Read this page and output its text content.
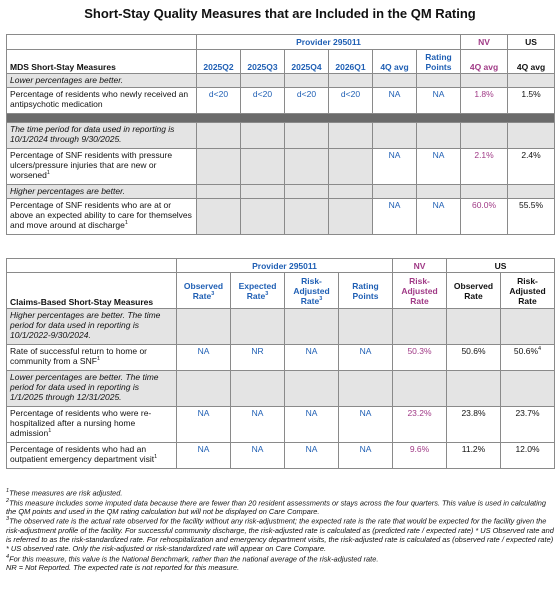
Short-Stay Quality Measures that are Included in the QM Rating
	Provider 295011						NV	US
MDS Short-Stay Measures	2025Q2	2025Q3	2025Q4	2026Q1	4Q avg	Rating Points	4Q avg	4Q avg
Lower percentages are better.								
Percentage of residents who newly received an antipsychotic medication	d<20	d<20	d<20	d<20	NA	NA	1.8%	1.5%

The time period for data used in reporting is 10/1/2024 through 9/30/2025.								
Percentage of SNF residents with pressure ulcers/pressure injuries that are new or worsened$^1$					NA	NA	2.1%	2.4%
Higher percentages are better.								
Percentage of SNF residents who are at or above an expected ability to care for themselves and move around at discharge$^1$					NA	NA	60.0%	55.5%
	Provider 295011				NV	US	
Claims-Based Short-Stay Measures	Observed Rate$^3$	Expected Rate$^3$	Risk-Adjusted Rate$^3$	Rating Points	Risk-Adjusted Rate	Observed Rate	Risk-Adjusted Rate
Higher percentages are better. The time period for data used in reporting is 10/1/2022-9/30/2024.							
Rate of successful return to home or community from a SNF$^1$	NA	NR	NA	NA	50.3%	50.6%	50.6%$^4$
Lower percentages are better. The time period for data used in reporting is 1/1/2025 through 12/31/2025.							
Percentage of residents who were re-hospitalized after a nursing home admission$^1$	NA	NA	NA	NA	23.2%	23.8%	23.7%
Percentage of residents who had an outpatient emergency department visit$^1$	NA	NA	NA	NA	9.6%	11.2%	12.0%

$^1$These measures are risk adjusted.

$^2$This measure includes some imputed data because there are fewer than 20 resident assessments or stays across the four quarters. This value is used in calculating the QM points and used in the QM rating calculation but will not be displayed on Care Compare.

$^3$The observed rate is the actual rate observed for the facility without any risk-adjustment; the expected rate is the rate that would be expected for the facility given the risk-adjustment profile of the facility. For successful community discharge, the risk-adjusted rate is calculated as (predicted rate / expected rate) * US Observed rate and is referred to as the risk-standardized rate. For rehospitalization and emergency department visits, the risk-adjusted rate is calculated as (observed rate / expected rate) * US observed rate. Only the risk-adjusted or risk-standardized rate will appear on Care Compare.

$^4$For this measure, this value is the National Benchmark, rather than the national average of the risk-adjusted rate.

NR = Not Reported. The expected rate is not reported for this measure.
